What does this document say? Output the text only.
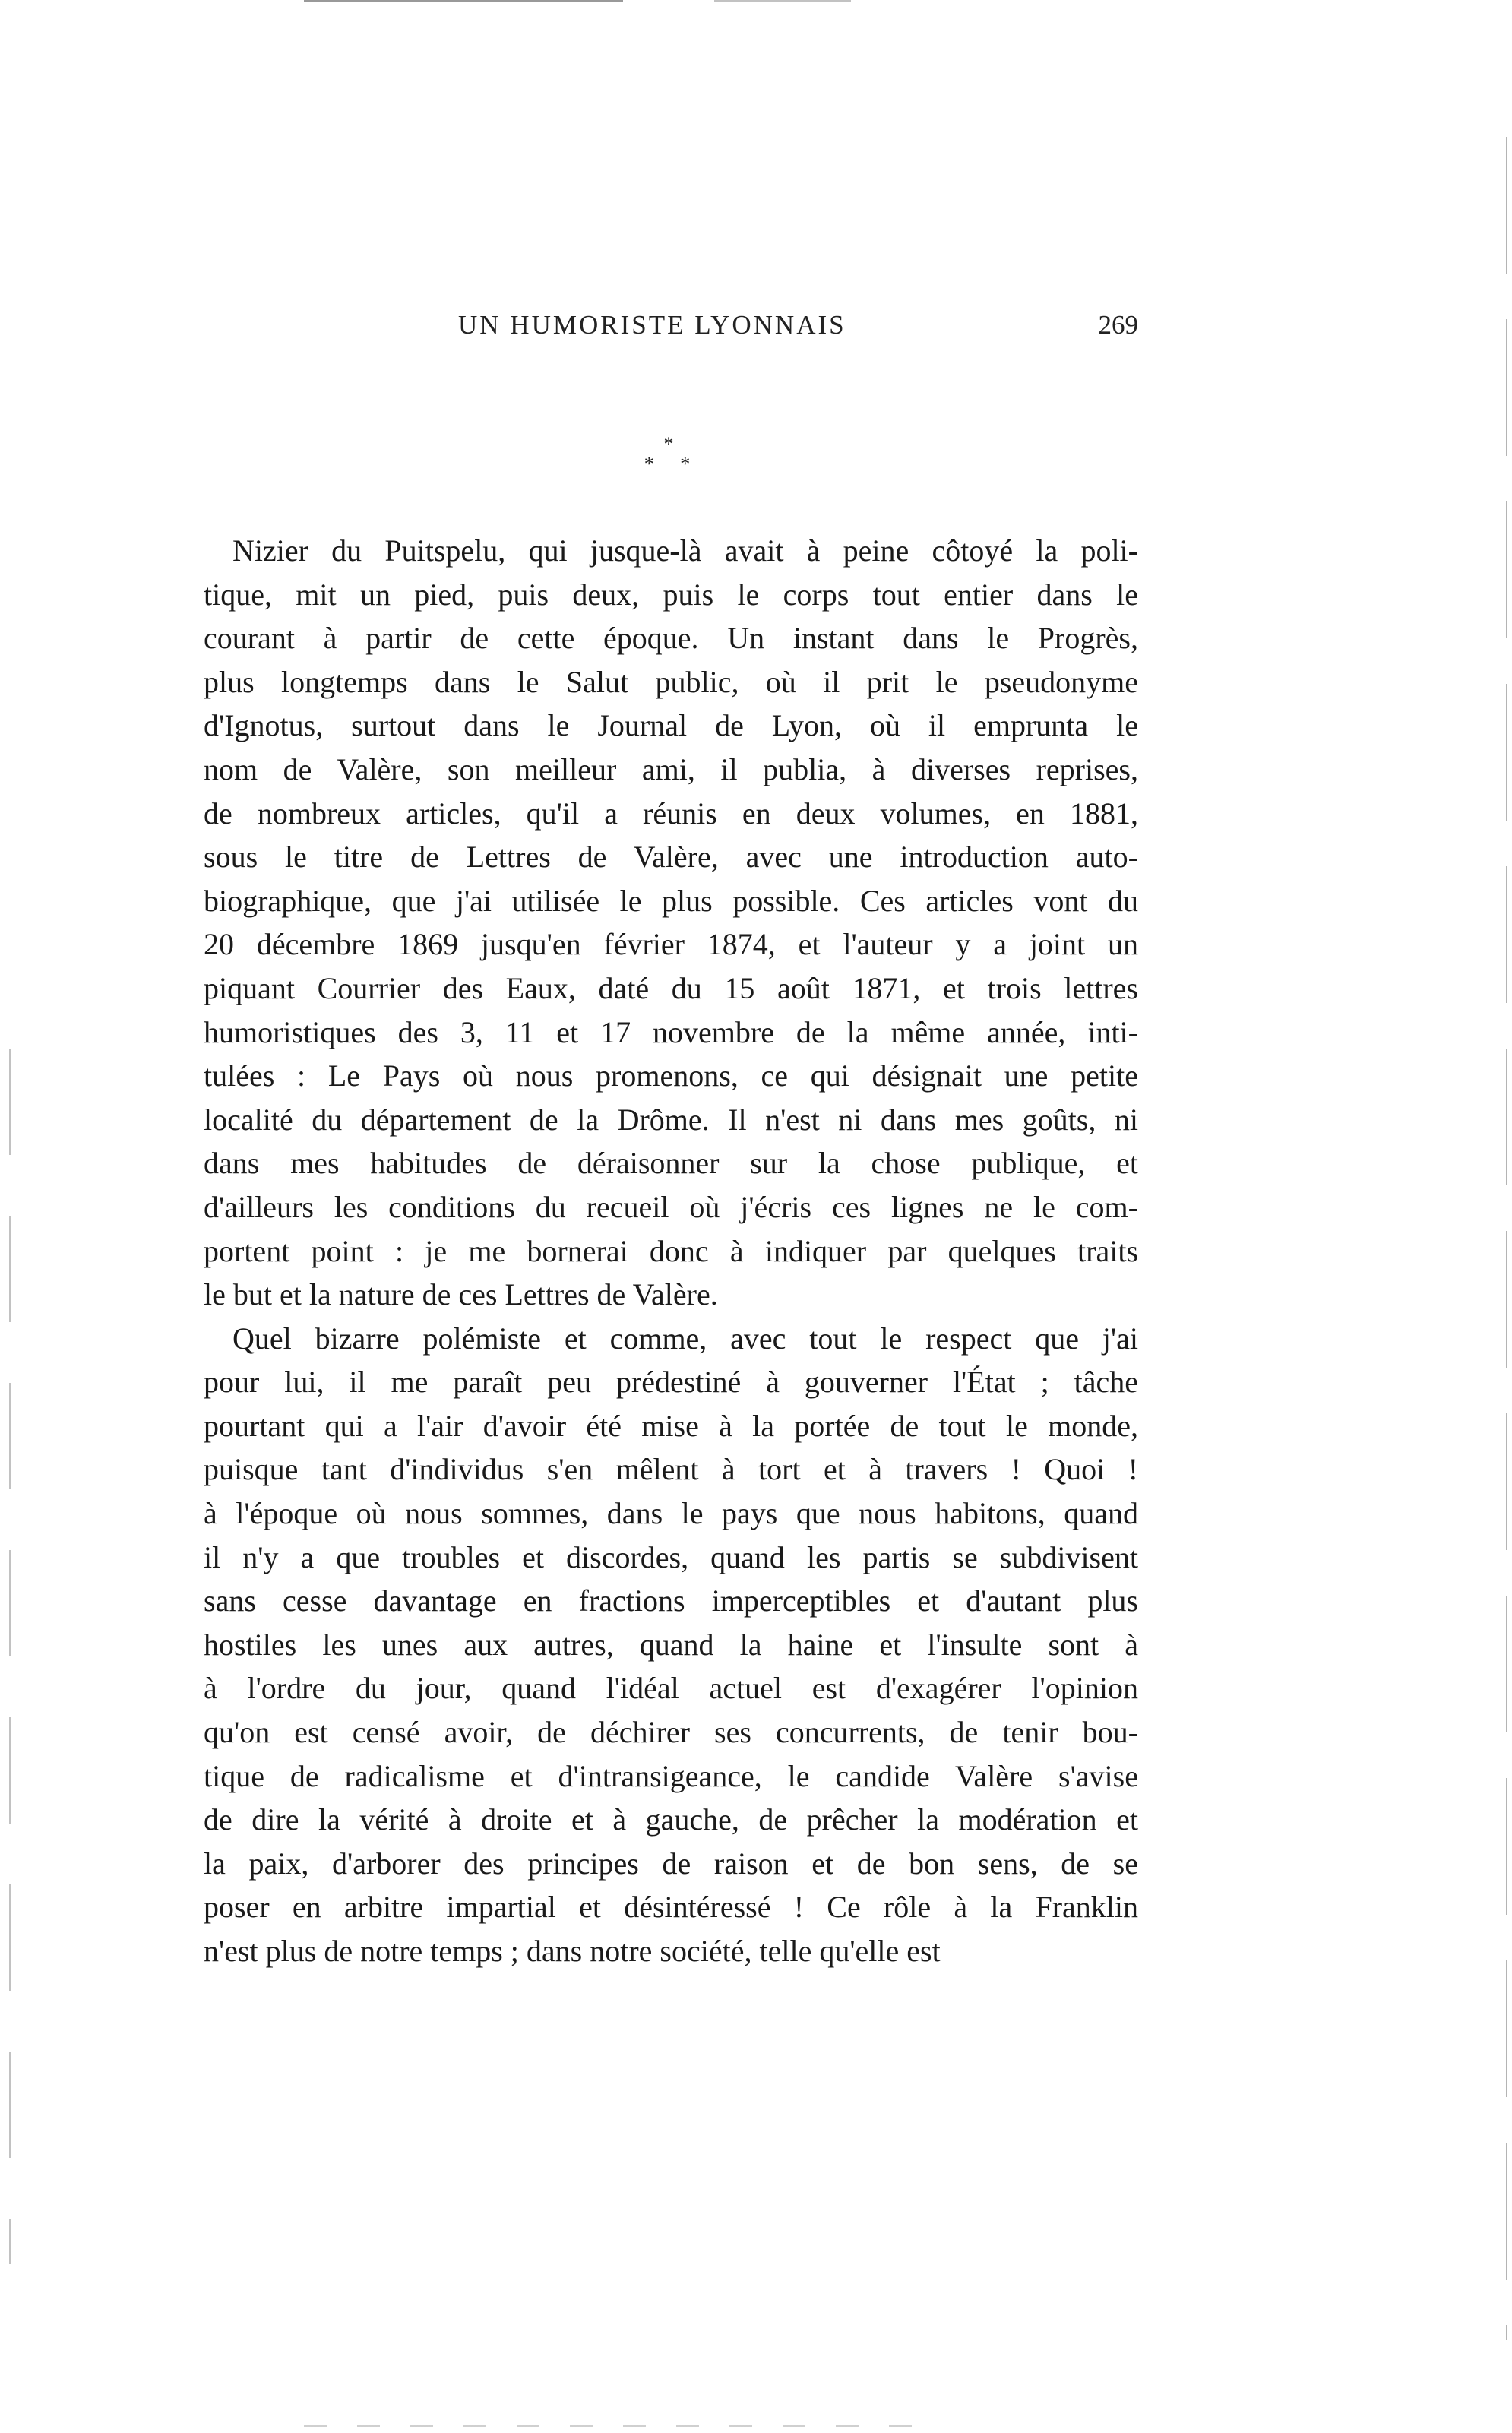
UN HUMORISTE LYONNAIS	269
*
* *
Nizier du Puitspelu, qui jusque-là avait à peine côtoyé la poli-
tique, mit un pied, puis deux, puis le corps tout entier dans le
courant à partir de cette époque. Un instant dans le Progrès,
plus longtemps dans le Salut public, où il prit le pseudonyme
d'Ignotus, surtout dans le Journal de Lyon, où il emprunta le
nom de Valère, son meilleur ami, il publia, à diverses reprises,
de nombreux articles, qu'il a réunis en deux volumes, en 1881,
sous le titre de Lettres de Valère, avec une introduction auto-
biographique, que j'ai utilisée le plus possible. Ces articles vont du
20 décembre 1869 jusqu'en février 1874, et l'auteur y a joint un
piquant Courrier des Eaux, daté du 15 août 1871, et trois lettres
humoristiques des 3, 11 et 17 novembre de la même année, inti-
tulées : Le Pays où nous promenons, ce qui désignait une petite
localité du département de la Drôme. Il n'est ni dans mes goûts, ni
dans mes habitudes de déraisonner sur la chose publique, et
d'ailleurs les conditions du recueil où j'écris ces lignes ne le com-
portent point : je me bornerai donc à indiquer par quelques traits
le but et la nature de ces Lettres de Valère.
Quel bizarre polémiste et comme, avec tout le respect que j'ai
pour lui, il me paraît peu prédestiné à gouverner l'État ; tâche
pourtant qui a l'air d'avoir été mise à la portée de tout le monde,
puisque tant d'individus s'en mêlent à tort et à travers ! Quoi !
à l'époque où nous sommes, dans le pays que nous habitons, quand
il n'y a que troubles et discordes, quand les partis se subdivisent
sans cesse davantage en fractions imperceptibles et d'autant plus
hostiles les unes aux autres, quand la haine et l'insulte sont à
à l'ordre du jour, quand l'idéal actuel est d'exagérer l'opinion
qu'on est censé avoir, de déchirer ses concurrents, de tenir bou-
tique de radicalisme et d'intransigeance, le candide Valère s'avise
de dire la vérité à droite et à gauche, de prêcher la modération et
la paix, d'arborer des principes de raison et de bon sens, de se
poser en arbitre impartial et désintéressé ! Ce rôle à la Franklin
n'est plus de notre temps ; dans notre société, telle qu'elle est
